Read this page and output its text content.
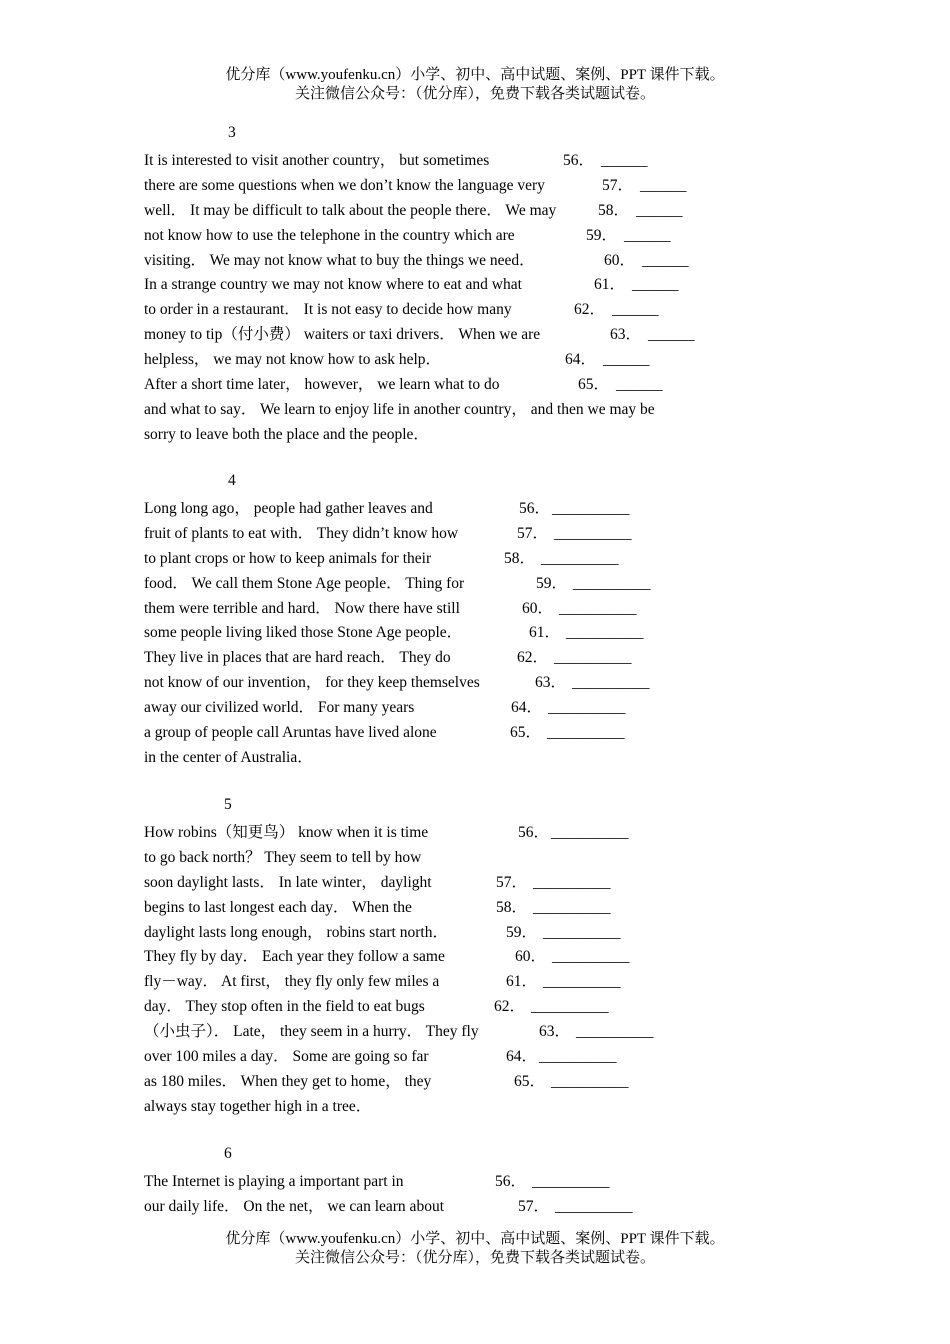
优分库（www.youfenku.cn）小学、初中、高中试题、案例、PPT 课件下载。
关注微信公众号：（优分库），免费下载各类试题试卷。
3
It is interested to visit another country， but sometimes	56． ______
there are some questions when we don’t know the language very	57． ______
well． It may be difficult to talk about the people there． We may	58． ______
not know how to use the telephone in the country which are	59． ______
visiting． We may not know what to buy the things we need．	60． ______
In a strange country we may not know where to eat and what	61． ______
to order in a restaurant． It is not easy to decide how many	62． ______
money to tip（付小费） waiters or taxi drivers． When we are	63． ______
helpless， we may not know how to ask help．	64． ______
After a short time later， however， we learn what to do	65． ______
and what to say． We learn to enjoy life in another country， and then we may be
sorry to leave both the place and the people．
4
Long long ago， people had gather leaves and	56． __________
fruit of plants to eat with． They didn’t know how	57． __________
to plant crops or how to keep animals for their	58． __________
food． We call them Stone Age people． Thing for	59． __________
them were terrible and hard． Now there have still	60． __________
some people living liked those Stone Age people．	61． __________
They live in places that are hard reach． They do	62． __________
not know of our invention， for they keep themselves	63． __________
away our civilized world． For many years	64． __________
a group of people call Aruntas have lived alone	65． __________
in the center of Australia．
5
How robins（知更鸟） know when it is time	56． __________
to go back north？ They seem to tell by how
soon daylight lasts． In late winter， daylight	57． __________
begins to last longest each day． When the	58． __________
daylight lasts long enough， robins start north．	59． __________
They fly by day． Each year they follow a same	60． __________
fly－way． At first， they fly only few miles a	61． __________
day． They stop often in the field to eat bugs	62． __________
（小虫子）． Late， they seem in a hurry． They fly	63． __________
over 100 miles a day． Some are going so far	64． __________
as 180 miles． When they get to home， they	65． __________
always stay together high in a tree．
6
The Internet is playing a important part in	56． __________
our daily life． On the net， we can learn about	57． __________
优分库（www.youfenku.cn）小学、初中、高中试题、案例、PPT 课件下载。
关注微信公众号：（优分库），免费下载各类试题试卷。
